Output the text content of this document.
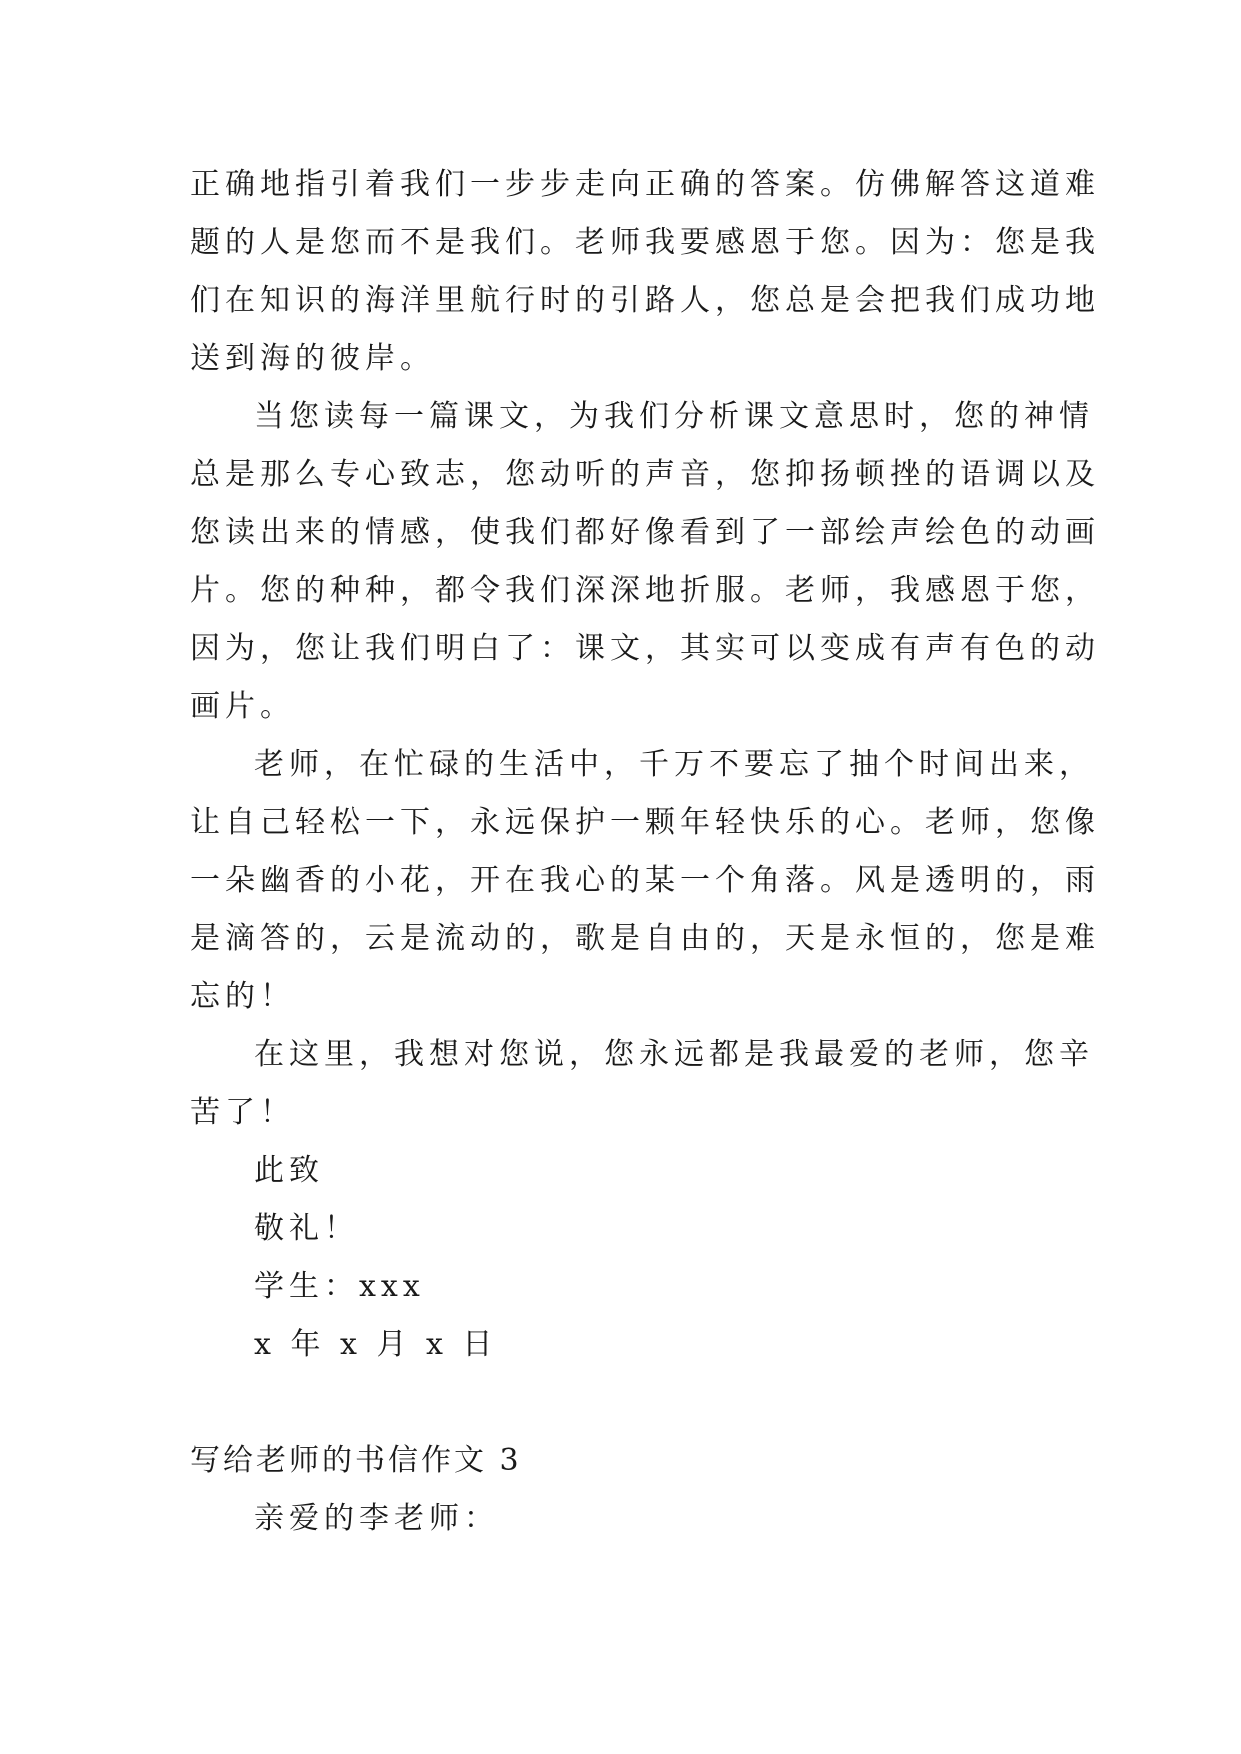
正确地指引着我们一步步走向正确的答案。仿佛解答这道难
题的人是您而不是我们。老师我要感恩于您。因为：您是我
们在知识的海洋里航行时的引路人，您总是会把我们成功地
送到海的彼岸。
当您读每一篇课文，为我们分析课文意思时，您的神情
总是那么专心致志，您动听的声音，您抑扬顿挫的语调以及
您读出来的情感，使我们都好像看到了一部绘声绘色的动画
片。您的种种，都令我们深深地折服。老师，我感恩于您，
因为，您让我们明白了：课文，其实可以变成有声有色的动
画片。
老师，在忙碌的生活中，千万不要忘了抽个时间出来，
让自己轻松一下，永远保护一颗年轻快乐的心。老师，您像
一朵幽香的小花，开在我心的某一个角落。风是透明的，雨
是滴答的，云是流动的，歌是自由的，天是永恒的，您是难
忘的！
在这里，我想对您说，您永远都是我最爱的老师，您辛
苦了！
此致
敬礼！
学生：xxx
x 年 x 月 x 日
写给老师的书信作文 3
亲爱的李老师：
